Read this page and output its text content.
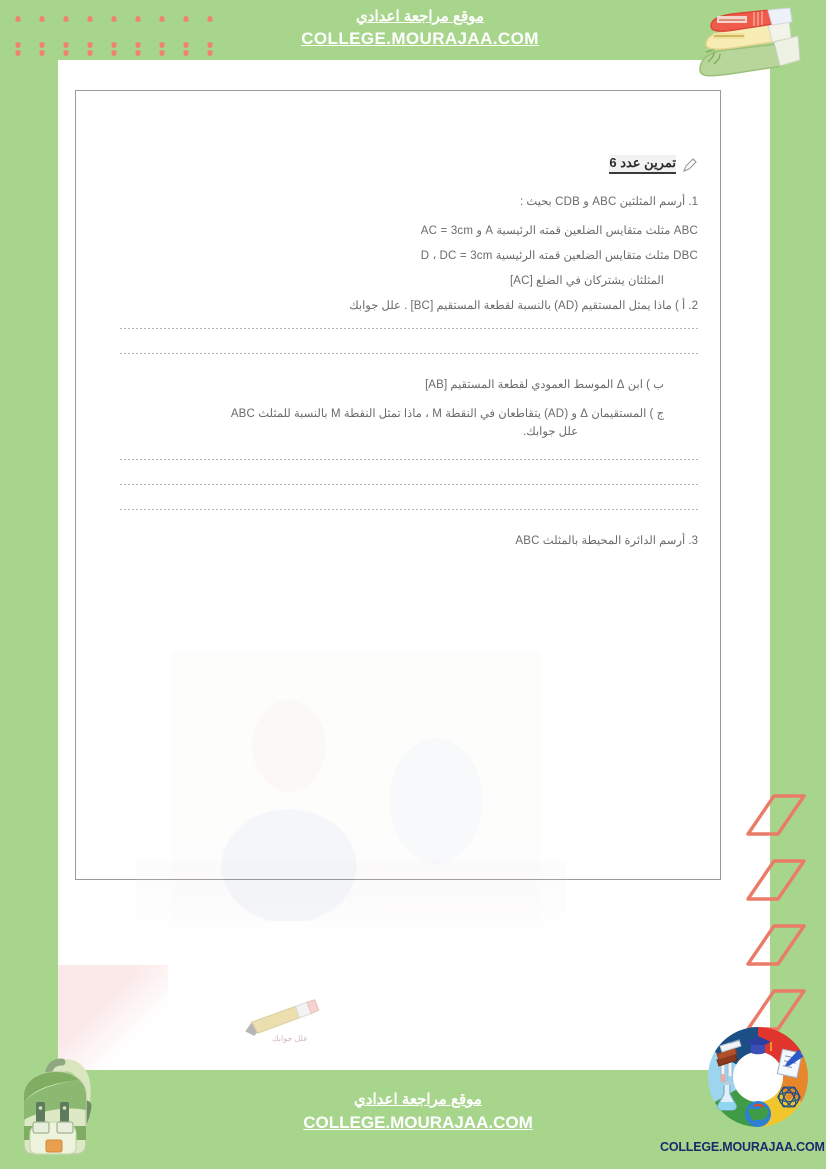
موقع مراجعة اعدادي
COLLEGE.MOURAJAA.COM
تمرين عدد 6
1. أرسم المثلثين ABC و CDB بحيث :
ABC مثلث متقايس الضلعين قمته الرئيسية A و AC = 3cm
DBC مثلث متقايس الضلعين قمته الرئيسية D ، DC = 3cm
المثلثان يشتركان في الضلع [AC]
2. أ ) ماذا يمثل المستقيم (AD) بالنسبة لقطعة المستقيم [BC] . علل جوابك
ب ) ابن Δ الموسط العمودي لقطعة المستقيم [AB]
ج ) المستقيمان Δ و (AD) يتقاطعان في النقطة M ، ماذا تمثل النقطة M بالنسبة للمثلث ABC
علل جوابك.
3. أرسم الدائرة المحيطة بالمثلث ABC
علل جوابك
موقع مراجعة اعدادي
COLLEGE.MOURAJAA.COM
COLLEGE.MOURAJAA.COM
